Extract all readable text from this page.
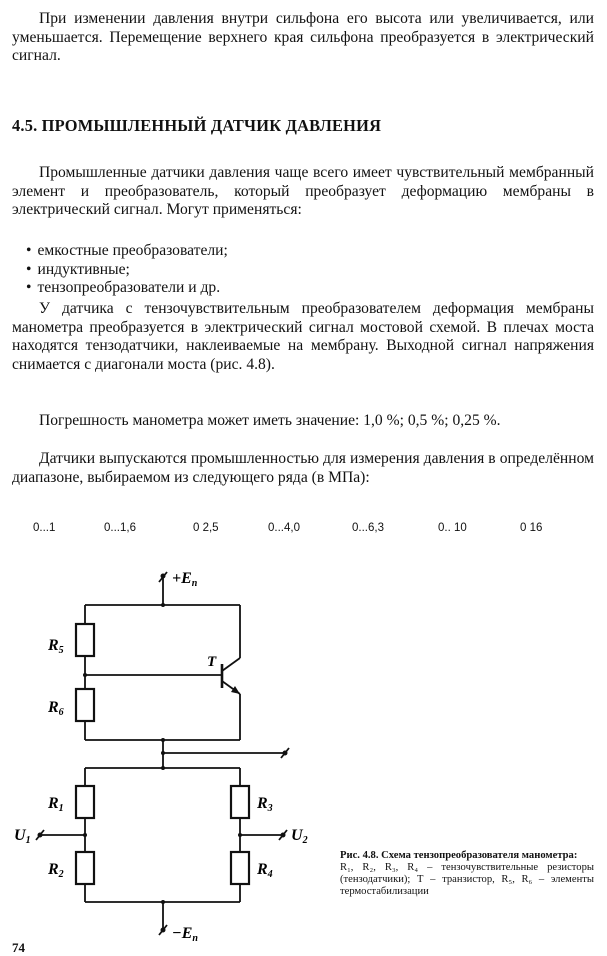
При изменении давления внутри сильфона его высота или увеличивается, или уменьшается. Перемещение верхнего края сильфона преобразуется в электрический сигнал.

4.5. ПРОМЫШЛЕННЫЙ ДАТЧИК ДАВЛЕНИЯ

Промышленные датчики давления чаще всего имеет чувствительный мембранный элемент и преобразователь, который преобразует деформацию мембраны в электрический сигнал. Могут применяться:

• емкостные преобразователи;
• индуктивные;
• тензопреобразователи и др.

У датчика с тензочувствительным преобразователем деформация мембраны манометра преобразуется в электрический сигнал мостовой схемой. В плечах моста находятся тензодатчики, наклеиваемые на мембрану. Выходной сигнал напряжения снимается с диагонали моста (рис. 4.8).

Погрешность манометра может иметь значение: 1,0 %; 0,5 %; 0,25 %.

Датчики выпускаются промышленностью для измерения давления в определённом диапазоне, выбираемом из следующего ряда (в МПа):

0...1	0...1,6	0 2,5	0...4,0	0...6,3	0.. 10	0 16
+Eп
−Eп
R5
R6
R1
R2
R3
R4
T
U1	U2

Рис. 4.8. Схема тензопреобразователя манометра:
R₁, R₂, R₃, R₄ – тензочувствительные резисторы (тензодатчики); Т – транзистор, R₅, R₆ – элементы термостабилизации

74
